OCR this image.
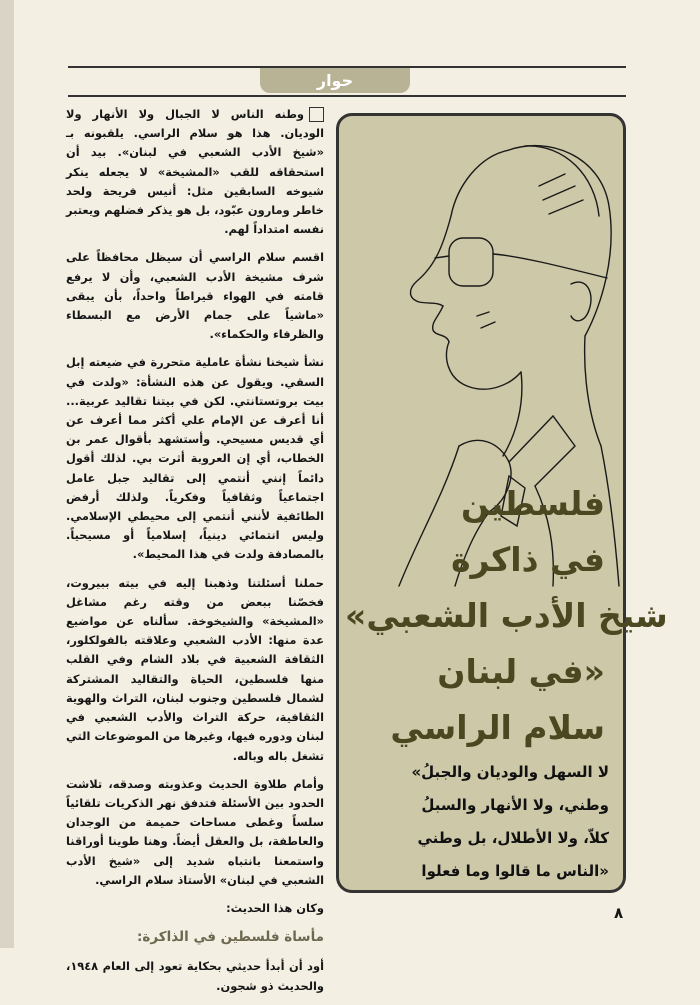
حوار
فلسطين
في ذاكرة
«شيخ الأدب الشعبي
في لبنان»
سلام الراسي
«لا السهل والوديان والجبلُ
وطني، ولا الأنهار والسبلُ
كلاّ، ولا الأطلال، بل وطني
الناس ما قالوا وما فعلوا»

وطنه الناس لا الجبال ولا الأنهار ولا الوديان. هذا هو سلام الراسي. يلقبونه بـ «شيخ الأدب الشعبي في لبنان». بيد أن استحقاقه للقب «المشيخة» لا يجعله ينكر شيوخه السابقين مثل: أنيس فريحة ولحد خاطر ومارون عبّود، بل هو يذكر فضلهم ويعتبر نفسه امتداداً لهم.

اقسم سلام الراسي أن سيظل محافظاً على شرف مشيخة الأدب الشعبي، وأن لا يرفع قامته في الهواء قيراطاً واحداً، بأن يبقى «ماشياً على جمام الأرض مع البسطاء والظرفاء والحكماء».

نشأ شيخنا نشأة عاملية متحررة في ضيعته إبل السقي. ويقول عن هذه النشأة: «ولدت في بيت بروتستانتي. لكن في بيتنا تقاليد عربية... أنا أعرف عن الإمام علي أكثر مما أعرف عن أي قديس مسيحي. وأستشهد بأقوال عمر بن الخطاب، أي إن العروبة أثرت بي. لذلك أقول دائماً إنني أنتمي إلى تقاليد جبل عامل اجتماعياً وثقافياً وفكرياً. ولذلك أرفض الطائفية لأنني أنتمي إلى محيطي الإسلامي. وليس انتمائي دينياً، إسلامياً أو مسيحياً. بالمصادفة ولدت في هذا المحيط».

حملنا أسئلتنا وذهبنا إليه في بيته ببيروت، فخصّنا ببعض من وقته رغم مشاغل «المشيخة» والشيخوخة. سألناه عن مواضيع عدة منها: الأدب الشعبي وعلاقته بالفولكلور، الثقافة الشعبية في بلاد الشام وفي القلب منها فلسطين، الحياة والتقاليد المشتركة لشمال فلسطين وجنوب لبنان، التراث والهوية الثقافية، حركة التراث والأدب الشعبي في لبنان ودوره فيها، وغيرها من الموضوعات التي تشغل باله وباله.

وأمام طلاوة الحديث وعذوبته وصدقه، تلاشت الحدود بين الأسئلة فتدفق نهر الذكريات تلقائياً سلساً وغطى مساحات حميمة من الوجدان والعاطفة، بل والعقل أيضاً. وهنا طوينا أوراقنا واستمعنا بانتباه شديد إلى «شيخ الأدب الشعبي في لبنان» الأستاذ سلام الراسي.

وكان هذا الحديث:

مأساة فلسطين في الذاكرة:

أود أن أبدأ حديثي بحكاية تعود إلى العام ١٩٤٨، والحديث ذو شجون.

٨
